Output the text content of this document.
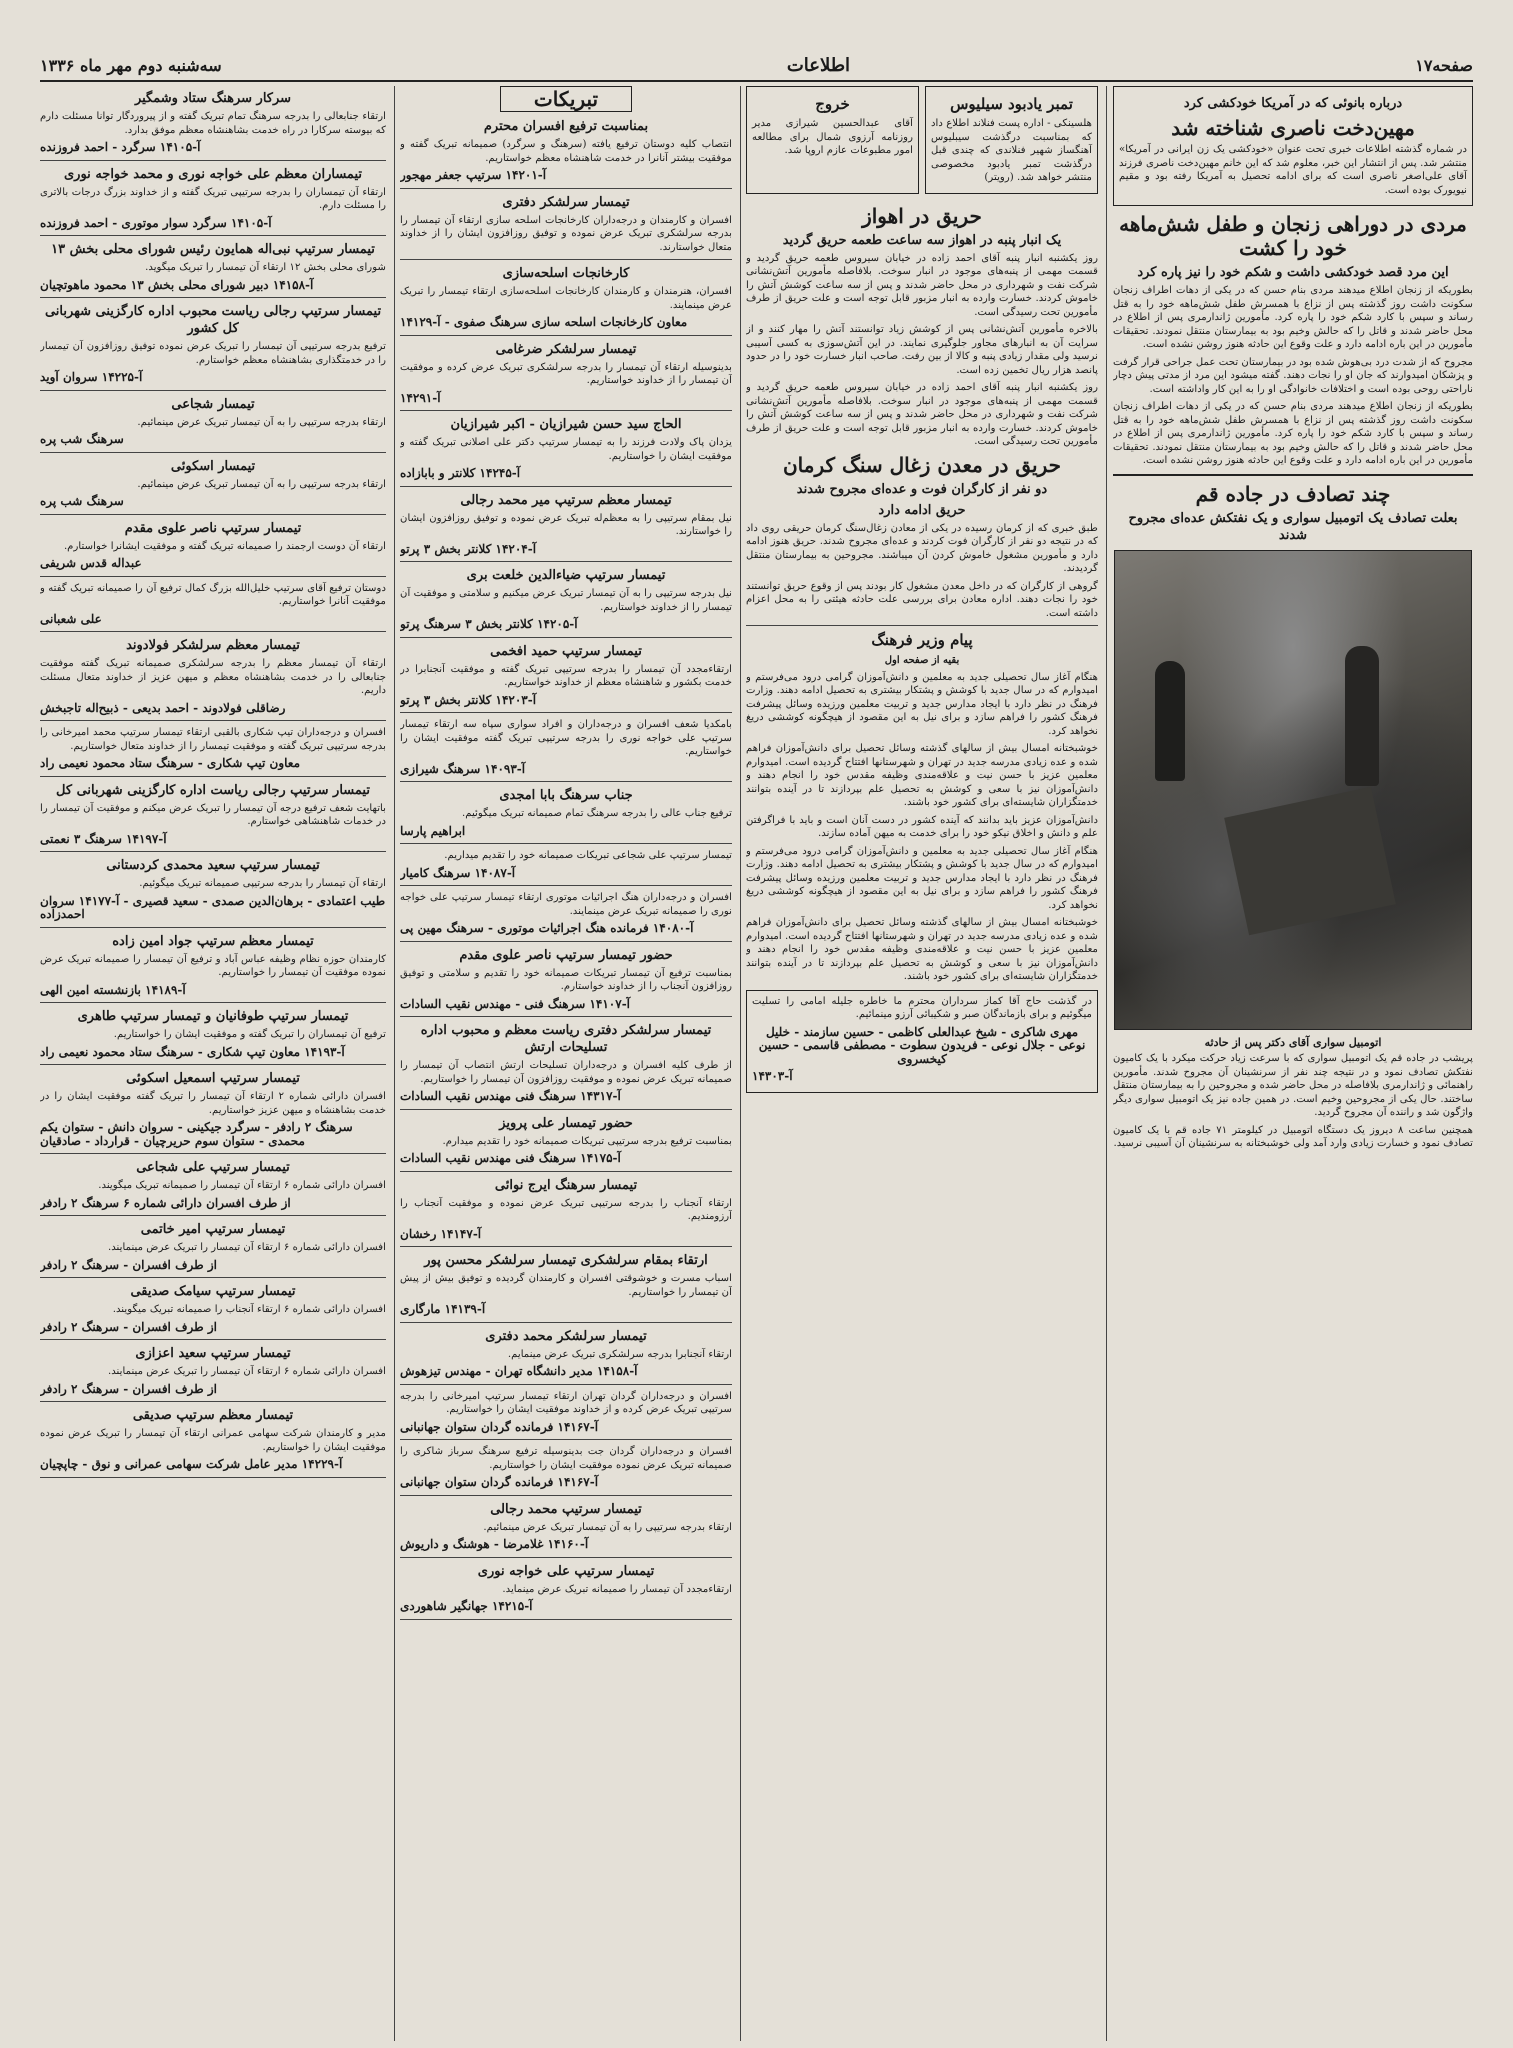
صفحه۱۷
اطلاعات
سه‌شنبه دوم مهر ماه ۱۳۳۶
درباره بانوئی که در آمریکا خودکشی کرد
مهین‌دخت ناصری شناخته شد

در شماره گذشته اطلاعات خبری تحت عنوان «خودکشی یک زن ایرانی در آمریکا» منتشر شد. پس از انتشار این خبر، معلوم شد که این خانم مهین‌دخت ناصری فرزند آقای علی‌اصغر ناصری است که برای ادامه تحصیل به آمریکا رفته بود و مقیم نیویورک بوده است.

مردی در دوراهی زنجان و طفل شش‌ماهه خود را کشت
این مرد قصد خودکشی داشت و شکم خود را نیز پاره کرد

بطوریکه از زنجان اطلاع میدهند مردی بنام حسن که در یکی از دهات اطراف زنجان سکونت داشت روز گذشته پس از نزاع با همسرش طفل شش‌ماهه خود را به قتل رساند و سپس با کارد شکم خود را پاره کرد. مأمورین ژاندارمری پس از اطلاع در محل حاضر شدند و قاتل را که حالش وخیم بود به بیمارستان منتقل نمودند. تحقیقات مأمورین در این باره ادامه دارد و علت وقوع این حادثه هنوز روشن نشده است.

مجروح که از شدت درد بی‌هوش شده بود در بیمارستان تحت عمل جراحی قرار گرفت و پزشکان امیدوارند که جان او را نجات دهند. گفته میشود این مرد از مدتی پیش دچار ناراحتی روحی بوده است و اختلافات خانوادگی او را به این کار واداشته است.

بطوریکه از زنجان اطلاع میدهند مردی بنام حسن که در یکی از دهات اطراف زنجان سکونت داشت روز گذشته پس از نزاع با همسرش طفل شش‌ماهه خود را به قتل رساند و سپس با کارد شکم خود را پاره کرد. مأمورین ژاندارمری پس از اطلاع در محل حاضر شدند و قاتل را که حالش وخیم بود به بیمارستان منتقل نمودند. تحقیقات مأمورین در این باره ادامه دارد و علت وقوع این حادثه هنوز روشن نشده است.

چند تصادف در جاده قم
بعلت تصادف یک اتومبیل سواری و یک نفتکش عده‌ای مجروح شدند
اتومبیل سواری آقای دکتر پس از حادثه

پریشب در جاده قم یک اتومبیل سواری که با سرعت زیاد حرکت میکرد با یک کامیون نفتکش تصادف نمود و در نتیجه چند نفر از سرنشینان آن مجروح شدند. مأمورین راهنمائی و ژاندارمری بلافاصله در محل حاضر شده و مجروحین را به بیمارستان منتقل ساختند. حال یکی از مجروحین وخیم است. در همین جاده نیز یک اتومبیل سواری دیگر واژگون شد و راننده آن مجروح گردید.

همچنین ساعت ۸ دیروز یک دستگاه اتومبیل در کیلومتر ۷۱ جاده قم با یک کامیون تصادف نمود و خسارت زیادی وارد آمد ولی خوشبختانه به سرنشینان آن آسیبی نرسید.

تمبر یادبود سیلیوس

هلسینکی - اداره پست فنلاند اطلاع داد که بمناسبت درگذشت سیبلیوس آهنگساز شهیر فنلاندی که چندی قبل درگذشت تمبر یادبود مخصوصی منتشر خواهد شد. (رویتر)

خروج

آقای عبدالحسین شیرازی مدیر روزنامه آرزوی شمال برای مطالعه امور مطبوعات عازم اروپا شد.

حریق در اهواز
یک انبار پنبه در اهواز سه ساعت طعمه حریق گردید

روز یکشنبه انبار پنبه آقای احمد زاده در خیابان سیروس طعمه حریق گردید و قسمت مهمی از پنبه‌های موجود در انبار سوخت. بلافاصله مأمورین آتش‌نشانی شرکت نفت و شهرداری در محل حاضر شدند و پس از سه ساعت کوشش آتش را خاموش کردند. خسارت وارده به انبار مزبور قابل توجه است و علت حریق از طرف مأمورین تحت رسیدگی است.

بالاخره مأمورین آتش‌نشانی پس از کوشش زیاد توانستند آتش را مهار کنند و از سرایت آن به انبارهای مجاور جلوگیری نمایند. در این آتش‌سوزی به کسی آسیبی نرسید ولی مقدار زیادی پنبه و کالا از بین رفت. صاحب انبار خسارت خود را در حدود پانصد هزار ریال تخمین زده است.

روز یکشنبه انبار پنبه آقای احمد زاده در خیابان سیروس طعمه حریق گردید و قسمت مهمی از پنبه‌های موجود در انبار سوخت. بلافاصله مأمورین آتش‌نشانی شرکت نفت و شهرداری در محل حاضر شدند و پس از سه ساعت کوشش آتش را خاموش کردند. خسارت وارده به انبار مزبور قابل توجه است و علت حریق از طرف مأمورین تحت رسیدگی است.

حریق در معدن زغال سنگ کرمان
دو نفر از کارگران فوت و عده‌ای مجروح شدند
حریق ادامه دارد

طبق خبری که از کرمان رسیده در یکی از معادن زغال‌سنگ کرمان حریقی روی داد که در نتیجه دو نفر از کارگران فوت کردند و عده‌ای مجروح شدند. حریق هنوز ادامه دارد و مأمورین مشغول خاموش کردن آن میباشند. مجروحین به بیمارستان منتقل گردیدند.

گروهی از کارگران که در داخل معدن مشغول کار بودند پس از وقوع حریق توانستند خود را نجات دهند. اداره معادن برای بررسی علت حادثه هیئتی را به محل اعزام داشته است.

پیام وزیر فرهنگ
بقیه از صفحه اول

هنگام آغاز سال تحصیلی جدید به معلمین و دانش‌آموزان گرامی درود می‌فرستم و امیدوارم که در سال جدید با کوشش و پشتکار بیشتری به تحصیل ادامه دهند. وزارت فرهنگ در نظر دارد با ایجاد مدارس جدید و تربیت معلمین ورزیده وسائل پیشرفت فرهنگ کشور را فراهم سازد و برای نیل به این مقصود از هیچگونه کوششی دریغ نخواهد کرد.

خوشبختانه امسال بیش از سالهای گذشته وسائل تحصیل برای دانش‌آموزان فراهم شده و عده زیادی مدرسه جدید در تهران و شهرستانها افتتاح گردیده است. امیدوارم معلمین عزیز با حسن نیت و علاقه‌مندی وظیفه مقدس خود را انجام دهند و دانش‌آموزان نیز با سعی و کوشش به تحصیل علم بپردازند تا در آینده بتوانند خدمتگزاران شایسته‌ای برای کشور خود باشند.

دانش‌آموزان عزیز باید بدانند که آینده کشور در دست آنان است و باید با فراگرفتن علم و دانش و اخلاق نیکو خود را برای خدمت به میهن آماده سازند.

هنگام آغاز سال تحصیلی جدید به معلمین و دانش‌آموزان گرامی درود می‌فرستم و امیدوارم که در سال جدید با کوشش و پشتکار بیشتری به تحصیل ادامه دهند. وزارت فرهنگ در نظر دارد با ایجاد مدارس جدید و تربیت معلمین ورزیده وسائل پیشرفت فرهنگ کشور را فراهم سازد و برای نیل به این مقصود از هیچگونه کوششی دریغ نخواهد کرد.

خوشبختانه امسال بیش از سالهای گذشته وسائل تحصیل برای دانش‌آموزان فراهم شده و عده زیادی مدرسه جدید در تهران و شهرستانها افتتاح گردیده است. امیدوارم معلمین عزیز با حسن نیت و علاقه‌مندی وظیفه مقدس خود را انجام دهند و دانش‌آموزان نیز با سعی و کوشش به تحصیل علم بپردازند تا در آینده بتوانند خدمتگزاران شایسته‌ای برای کشور خود باشند.

در گذشت حاج آقا کماز سرداران محترم ما خاطره جلیله امامی را تسلیت میگوئیم و برای بازماندگان صبر و شکیبائی آرزو مینمائیم.

مهری شاکری - شیخ عبدالعلی کاظمی - حسین سازمند - خلیل نوعی - جلال نوعی - فریدون سطوت - مصطفی قاسمی - حسین کیخسروی
آ-۱۴۳۰۳
تبریکات
بمناسبت ترفیع افسران محترم

انتصاب کلیه دوستان ترفیع یافته (سرهنگ و سرگرد) صمیمانه تبریک گفته و موفقیت بیشتر آنانرا در خدمت شاهنشاه معظم خواستاریم.

آ-۱۴۲۰۱ سرتیپ جعفر مهجور
تیمسار سرلشکر دفتری

افسران و کارمندان و درجه‌داران کارخانجات اسلحه سازی ارتقاء آن تیمسار را بدرجه سرلشکری تبریک عرض نموده و توفیق روزافزون ایشان را از خداوند متعال خواستارند.

کارخانجات اسلحه‌سازی

افسران، هنرمندان و کارمندان کارخانجات اسلحه‌سازی ارتقاء تیمسار را تبریک عرض مینمایند.

معاون کارخانجات اسلحه سازی سرهنگ صفوی - آ-۱۴۱۲۹
تیمسار سرلشکر ضرغامی

بدینوسیله ارتقاء آن تیمسار را بدرجه سرلشکری تبریک عرض کرده و موفقیت آن تیمسار را از خداوند خواستاریم.

آ-۱۴۲۹۱
الحاج سید حسن شیرازیان - اکبر شیرازیان

یزدان پاک ولادت فرزند را به تیمسار سرتیپ دکتر علی اصلانی تبریک گفته و موفقیت ایشان را خواستاریم.

آ-۱۴۲۴۵ کلانتر و بابازاده
تیمسار معظم سرتیپ میر محمد رجالی

نیل بمقام سرتیپی را به معظم‌له تبریک عرض نموده و توفیق روزافزون ایشان را خواستارند.

آ-۱۴۲۰۴ کلانتر بخش ۳ پرتو
تیمسار سرتیپ ضیاءالدین خلعت بری

نیل بدرجه سرتیپی را به آن تیمسار تبریک عرض میکنیم و سلامتی و موفقیت آن تیمسار را از خداوند خواستاریم.

آ-۱۴۲۰۵ کلانتر بخش ۳ سرهنگ پرتو
تیمسار سرتیپ حمید افخمی

ارتقاءمجدد آن تیمسار را بدرجه سرتیپی تبریک گفته و موفقیت آنجنابرا در خدمت بکشور و شاهنشاه معظم از خداوند خواستاریم.

آ-۱۴۲۰۳ کلانتر بخش ۳ پرتو

بامکدیا شعف افسران و درجه‌داران و افراد سواری سپاه سه ارتقاء تیمسار سرتیپ علی خواجه نوری را بدرجه سرتیپی تبریک گفته موفقیت ایشان را خواستاریم.

آ-۱۴۰۹۳ سرهنگ شیرازی
جناب سرهنگ بابا امجدی

ترفیع جناب عالی را بدرجه سرهنگ تمام صمیمانه تبریک میگوئیم.

ابراهیم پارسا

تیمسار سرتیپ علی شجاعی تبریکات صمیمانه خود را تقدیم میداریم.

آ-۱۴۰۸۷ سرهنگ کامیار

افسران و درجه‌داران هنگ اجرائیات موتوری ارتقاء تیمسار سرتیپ علی خواجه نوری را صمیمانه تبریک عرض مینمایند.

آ-۱۴۰۸۰ فرمانده هنگ اجرائیات موتوری - سرهنگ مهین پی
حضور تیمسار سرتیپ ناصر علوی مقدم

بمناسبت ترفیع آن تیمسار تبریکات صمیمانه خود را تقدیم و سلامتی و توفیق روزافزون آنجناب را از خداوند خواستارم.

آ-۱۴۱۰۷ سرهنگ فنی - مهندس نقیب السادات
تیمسار سرلشکر دفتری ریاست معظم و محبوب اداره تسلیحات ارتش

از طرف کلیه افسران و درجه‌داران تسلیحات ارتش انتصاب آن تیمسار را صمیمانه تبریک عرض نموده و موفقیت روزافزون آن تیمسار را خواستاریم.

آ-۱۴۳۱۷ سرهنگ فنی مهندس نقیب السادات
حضور تیمسار علی پرویز

بمناسبت ترفیع بدرجه سرتیپی تبریکات صمیمانه خود را تقدیم میدارم.

آ-۱۴۱۷۵ سرهنگ فنی مهندس نقیب السادات
تیمسار سرهنگ ایرج نوائی

ارتقاء آنجناب را بدرجه سرتیپی تبریک عرض نموده و موفقیت آنجناب را آرزومندیم.

آ-۱۴۱۴۷ رخشان
ارتقاء بمقام سرلشکری تیمسار سرلشکر محسن پور

اسباب مسرت و خوشوقتی افسران و کارمندان گردیده و توفیق بیش از پیش آن تیمسار را خواستاریم.

آ-۱۴۱۳۹ مارگاری
تیمسار سرلشکر محمد دفتری

ارتقاء آنجنابرا بدرجه سرلشکری تبریک عرض مینمایم.

آ-۱۴۱۵۸ مدیر دانشگاه تهران - مهندس تیزهوش

افسران و درجه‌داران گردان تهران ارتقاء تیمسار سرتیپ امیرخانی را بدرجه سرتیپی تبریک عرض کرده و از خداوند موفقیت ایشان را خواستاریم.

آ-۱۴۱۶۷ فرمانده گردان ستوان جهانبانی

افسران و درجه‌داران گردان جت بدینوسیله ترفیع سرهنگ سرباز شاکری را صمیمانه تبریک عرض نموده موفقیت ایشان را خواستاریم.

آ-۱۴۱۶۷ فرمانده گردان ستوان جهانبانی
تیمسار سرتیپ محمد رجالی

ارتقاء بدرجه سرتیپی را به آن تیمسار تبریک عرض مینمائیم.

آ-۱۴۱۶۰ غلامرضا - هوشنگ و داریوش
تیمسار سرتیپ علی خواجه نوری

ارتقاءمجدد آن تیمسار را صمیمانه تبریک عرض مینماید.

آ-۱۴۲۱۵ جهانگیر شاهوردی
سرکار سرهنگ ستاد وشمگیر

ارتقاء جنابعالی را بدرجه سرهنگ تمام تبریک گفته و از پیروردگار توانا مسئلت دارم که بیوسته سرکارا در راه خدمت بشاهنشاه معظم موفق بدارد.

آ-۱۴۱۰۵ سرگرد - احمد فروزنده
تیمساران معظم علی خواجه نوری و محمد خواجه نوری

ارتقاء آن تیمساران را بدرجه سرتیپی تبریک گفته و از خداوند بزرگ درجات بالاتری را مسئلت دارم.

آ-۱۴۱۰۵ سرگرد سوار موتوری - احمد فروزنده
تیمسار سرتیپ نبی‌اله همایون رئیس شورای محلی بخش ۱۳

شورای محلی بخش ۱۲ ارتقاء آن تیمسار را تبریک میگوید.

آ-۱۴۱۵۸ دبیر شورای محلی بخش ۱۳ محمود ماهوتچیان
تیمسار سرتیپ رجالی ریاست محبوب اداره کارگزینی شهربانی کل کشور

ترفیع بدرجه سرتیپی آن تیمسار را تبریک عرض نموده توفیق روزافزون آن تیمسار را در خدمتگذاری بشاهنشاه معظم خواستارم.

آ-۱۴۲۲۵ سروان آوید
تیمسار شجاعی

ارتقاء بدرجه سرتیپی را به آن تیمسار تبریک عرض مینمائیم.

سرهنگ شب پره
تیمسار اسکوئی

ارتقاء بدرجه سرتیپی را به آن تیمسار تبریک عرض مینمائیم.

سرهنگ شب پره
تیمسار سرتیپ ناصر علوی مقدم

ارتقاء آن دوست ارجمند را صمیمانه تبریک گفته و موفقیت ایشانرا خواستارم.

عبداله قدس شریفی

دوستان ترفیع آقای سرتیپ خلیل‌الله بزرگ کمال ترفیع آن را صمیمانه تبریک گفته و موفقیت آنانرا خواستاریم.

علی شعبانی
تیمسار معظم سرلشکر فولادوند

ارتقاء آن تیمسار معظم را بدرجه سرلشکری صمیمانه تبریک گفته موفقیت جنابعالی را در خدمت بشاهنشاه معظم و میهن عزیز از خداوند متعال مسئلت داریم.

رضاقلی فولادوند - احمد بدیعی - ذبیح‌اله تاجبخش

افسران و درجه‌داران تیپ شکاری بالقبی ارتقاء تیمسار سرتیپ محمد امیرخانی را بدرجه سرتیپی تبریک گفته و موفقیت تیمسار را از خداوند متعال خواستاریم.

معاون تیپ شکاری - سرهنگ ستاد محمود نعیمی راد
تیمسار سرتیپ رجالی ریاست اداره کارگزینی شهربانی کل

باتهایت شعف ترفیع درجه آن تیمسار را تبریک عرض میکنم و موفقیت آن تیمسار را در خدمات شاهنشاهی خواستارم.

آ-۱۴۱۹۷ سرهنگ ۳ نعمتی
تیمسار سرتیپ سعید محمدی کردستانی

ارتقاء آن تیمسار را بدرجه سرتیپی صمیمانه تبریک میگوئیم.

طیب اعتمادی - برهان‌الدین صمدی - سعید قصیری - آ-۱۴۱۷۷ سروان احمدزاده
تیمسار معظم سرتیپ جواد امین زاده

کارمندان حوزه نظام وظیفه عباس آباد و ترفیع آن تیمسار را صمیمانه تبریک عرض نموده موفقیت آن تیمسار را خواستاریم.

آ-۱۴۱۸۹ بازنشسته امین الهی
تیمسار سرتیپ طوفانیان و تیمسار سرتیپ طاهری

ترفیع آن تیمساران را تبریک گفته و موفقیت ایشان را خواستاریم.

آ-۱۴۱۹۳ معاون تیپ شکاری - سرهنگ ستاد محمود نعیمی راد
تیمسار سرتیپ اسمعیل اسکوئی

افسران دارائی شماره ۲ ارتقاء آن تیمسار را تبریک گفته موفقیت ایشان را در خدمت بشاهنشاه و میهن عزیز خواستاریم.

سرهنگ ۲ رادفر - سرگرد جیکینی - سروان دانش - ستوان یکم محمدی - ستوان سوم حریرچیان - قرارداد - صادقیان
تیمسار سرتیپ علی شجاعی

افسران دارائی شماره ۶ ارتقاء آن تیمسار را صمیمانه تبریک میگویند.

از طرف افسران دارائی شماره ۶ سرهنگ ۲ رادفر
تیمسار سرتیپ امیر خاتمی

افسران دارائی شماره ۶ ارتقاء آن تیمسار را تبریک عرض مینمایند.

از طرف افسران - سرهنگ ۲ رادفر
تیمسار سرتیپ سیامک صدیقی

افسران دارائی شماره ۶ ارتقاء آنجناب را صمیمانه تبریک میگویند.

از طرف افسران - سرهنگ ۲ رادفر
تیمسار سرتیپ سعید اعزازی

افسران دارائی شماره ۶ ارتقاء آن تیمسار را تبریک عرض مینمایند.

از طرف افسران - سرهنگ ۲ رادفر
تیمسار معظم سرتیپ صدیقی

مدیر و کارمندان شرکت سهامی عمرانی ارتقاء آن تیمسار را تبریک عرض نموده موفقیت ایشان را خواستاریم.

آ-۱۴۲۲۹ مدیر عامل شرکت سهامی عمرانی و نوق - چاپچیان
